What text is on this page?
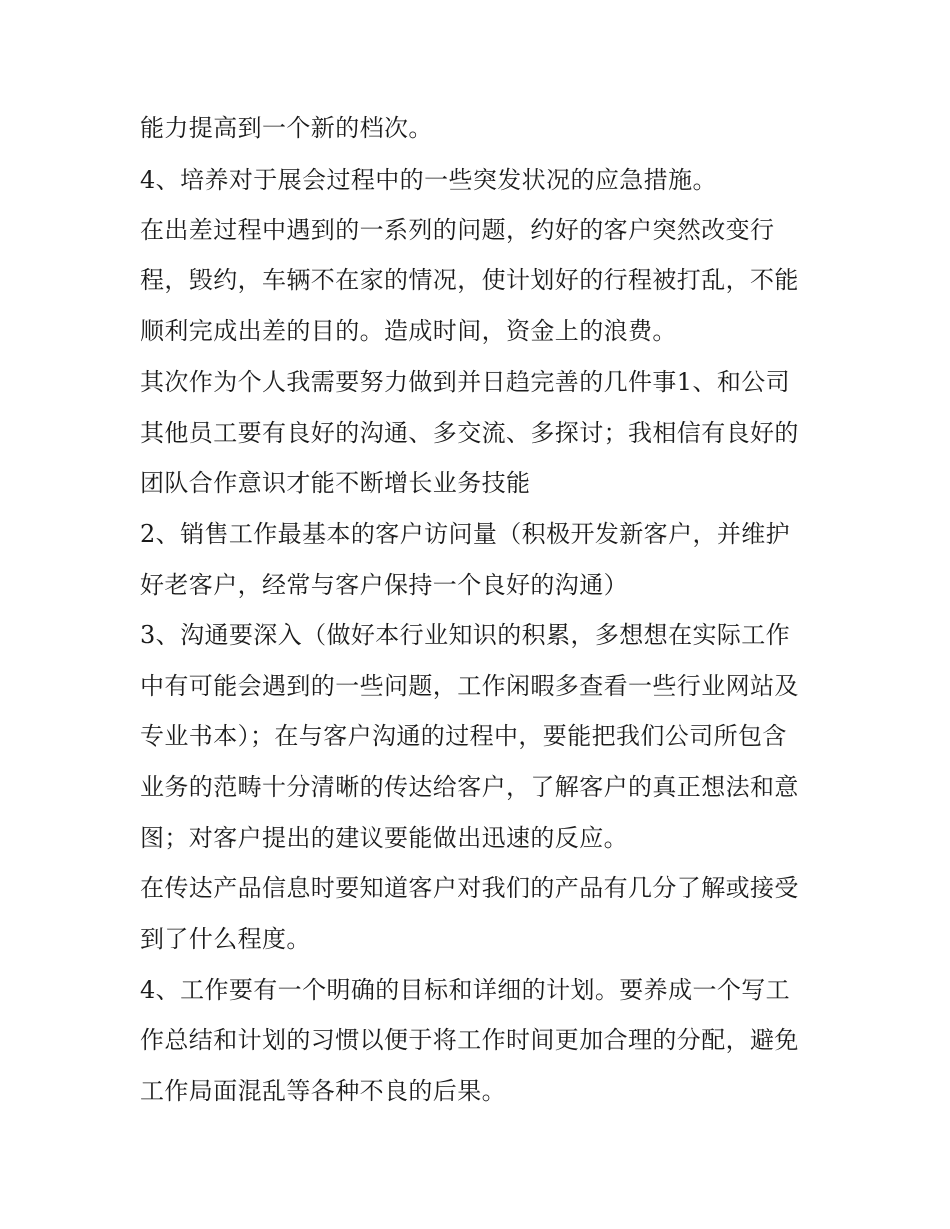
能力提高到一个新的档次。
4、培养对于展会过程中的一些突发状况的应急措施。
在出差过程中遇到的一系列的问题，约好的客户突然改变行
程，毁约，车辆不在家的情况，使计划好的行程被打乱，不能
顺利完成出差的目的。造成时间，资金上的浪费。
其次作为个人我需要努力做到并日趋完善的几件事1、和公司
其他员工要有良好的沟通、多交流、多探讨；我相信有良好的
团队合作意识才能不断增长业务技能
2、销售工作最基本的客户访问量（积极开发新客户，并维护
好老客户，经常与客户保持一个良好的沟通）
3、沟通要深入（做好本行业知识的积累，多想想在实际工作
中有可能会遇到的一些问题，工作闲暇多查看一些行业网站及
专业书本）；在与客户沟通的过程中，要能把我们公司所包含
业务的范畴十分清晰的传达给客户，了解客户的真正想法和意
图；对客户提出的建议要能做出迅速的反应。
在传达产品信息时要知道客户对我们的产品有几分了解或接受
到了什么程度。
4、工作要有一个明确的目标和详细的计划。要养成一个写工
作总结和计划的习惯以便于将工作时间更加合理的分配，避免
工作局面混乱等各种不良的后果。
